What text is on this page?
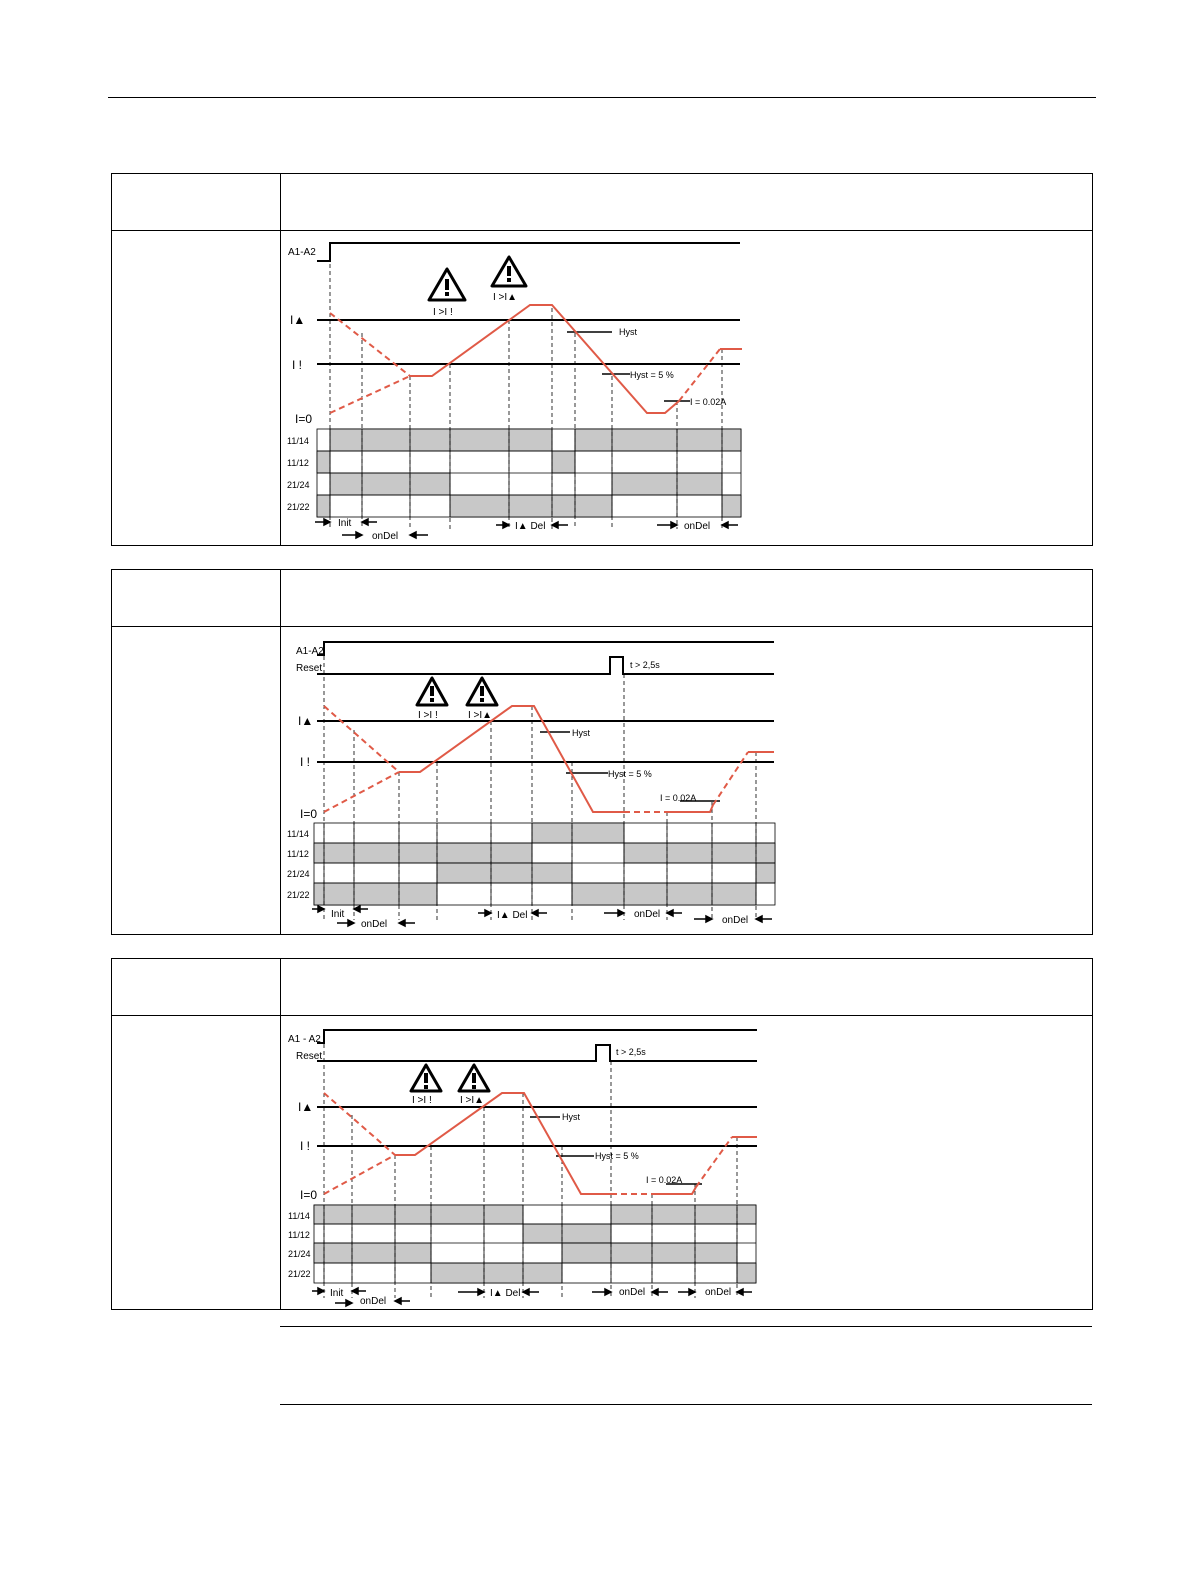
A1-A2
I▲
I !
I=0
Hyst
Hyst = 5 %
I = 0.02A
I >I !
I >I▲
Init
onDel
I▲ Del	onDel
11/14
11/12
21/24
21/22
A1-A2
Reset	t > 2,5s
I▲
I !
I=0
Hyst
Hyst = 5 %
I = 0.02A
I >I !	I >I▲
Init
onDel
I▲ Del	onDel
onDel
11/14
11/12
21/24
21/22
A1 - A2
Reset	t > 2,5s
I▲
I !
I=0
Hyst
Hyst = 5 %
I = 0.02A
I >I !	I >I▲
Init
onDel
I▲ Del	onDel	onDel
11/14
11/12
21/24
21/22
